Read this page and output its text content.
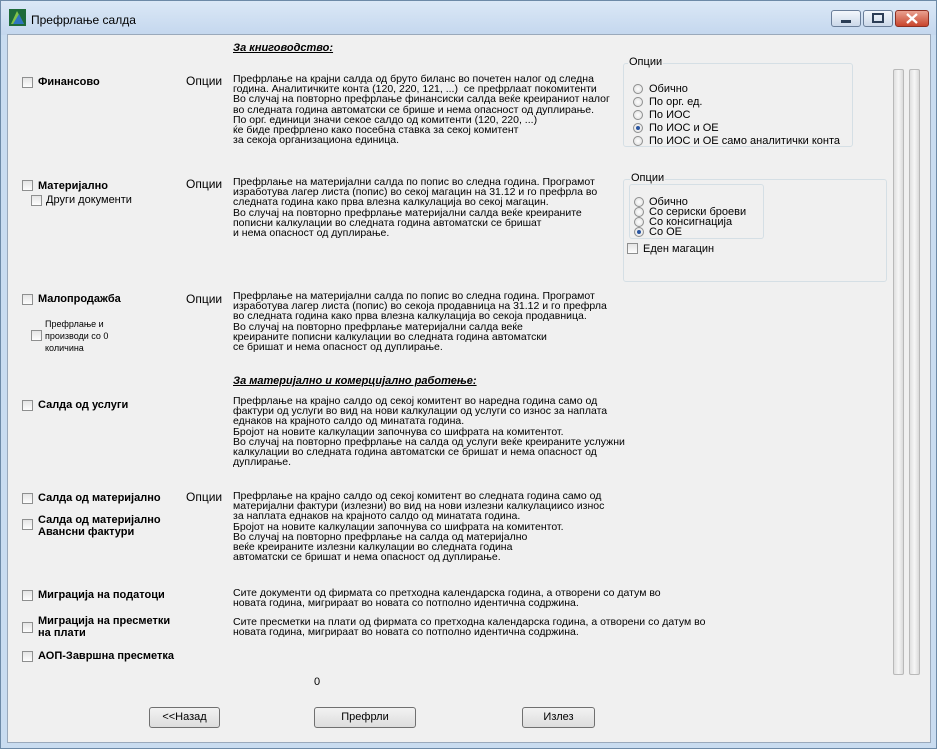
Префрлање салда
За книговодство:
Финансово	Опции Префрлање на крајни салда од бруто биланс во почетен налог од следна
година. Аналитичките конта (120, 220, 121, ...)  се префрлаат покомитенти
Во случај на повторно префрлање финансиски салда веќе креираниот налог
во следната година автоматски се брише и нема опасност од дуплирање.
По орг. единици значи секое салдо од комитенти (120, 220, ...)
ќе биде префрлено како посебна ставка за секој комитент
за секоја организациона единица.
Опции
Обично
По орг. ед.
По ИОС
По ИОС и ОЕ
По ИОС и ОЕ само аналитички конта
Материјално
Други документи
Опции Префрлање на материјални салда по попис во следна година. Програмот
изработува лагер листа (попис) во секој магацин на 31.12 и го префрла во
следната година како прва влезна калкулација во секој магацин.
Во случај на повторно префрлање материјални салда веќе креираните
пописни калкулации во следната година автоматски се бришат
и нема опасност од дуплирање.
Опции
Обично
Со сериски броеви
Со консигнација
Со ОЕ
Еден магацин
Малопродажба
Префрлање и
производи со 0
количина
Опции Префрлање на материјални салда по попис во следна година. Програмот
изработува лагер листа (попис) во секоја продавница на 31.12 и го префрла
во следната година како прва влезна калкулација во секоја продавница.
Во случај на повторно префрлање материјални салда веќе
креираните пописни калкулации во следната година автоматски
се бришат и нема опасност од дуплирање.
За материјално и комерцијално работење:
Салда од услуги	Префрлање на крајно салдо од секој комитент во наредна година само од
фактури од услуги во вид на нови калкулации од услуги со износ за наплата
еднаков на крајното салдо од минатата година.
Бројот на новите калкулации започнува со шифрата на комитентот.
Во случај на повторно префрлање на салда од услуги веќе креираните услужни
калкулации во следната година автоматски се бришат и нема опасност од
дуплирање.
Салда од материјално Опции Префрлање на крајно салдо од секој комитент во следната година само од
материјални фактури (излезни) во вид на нови излезни калкулациисо износ
за наплата еднаков на крајното салдо од минатата година.
Бројот на новите калкулации започнува со шифрата на комитентот.
Во случај на повторно префрлање на салда од материјално
веќе креираните излезни калкулации во следната година
автоматски се бришат и нема опасност од дуплирање.
Салда од материјално
Авансни фактури
Миграција на податоци	Сите документи од фирмата со претходна календарска година, а отворени со датум во
новата година, мигрираат во новата со потполно идентична содржина.
Миграција на пресметки
на плати
Сите пресметки на плати од фирмата со претходна календарска година, а отворени со датум во
новата година, мигрираат во новата со потполно идентична содржина.
АОП-Завршна пресметка
0
<<Назад	Префрли	Излез
